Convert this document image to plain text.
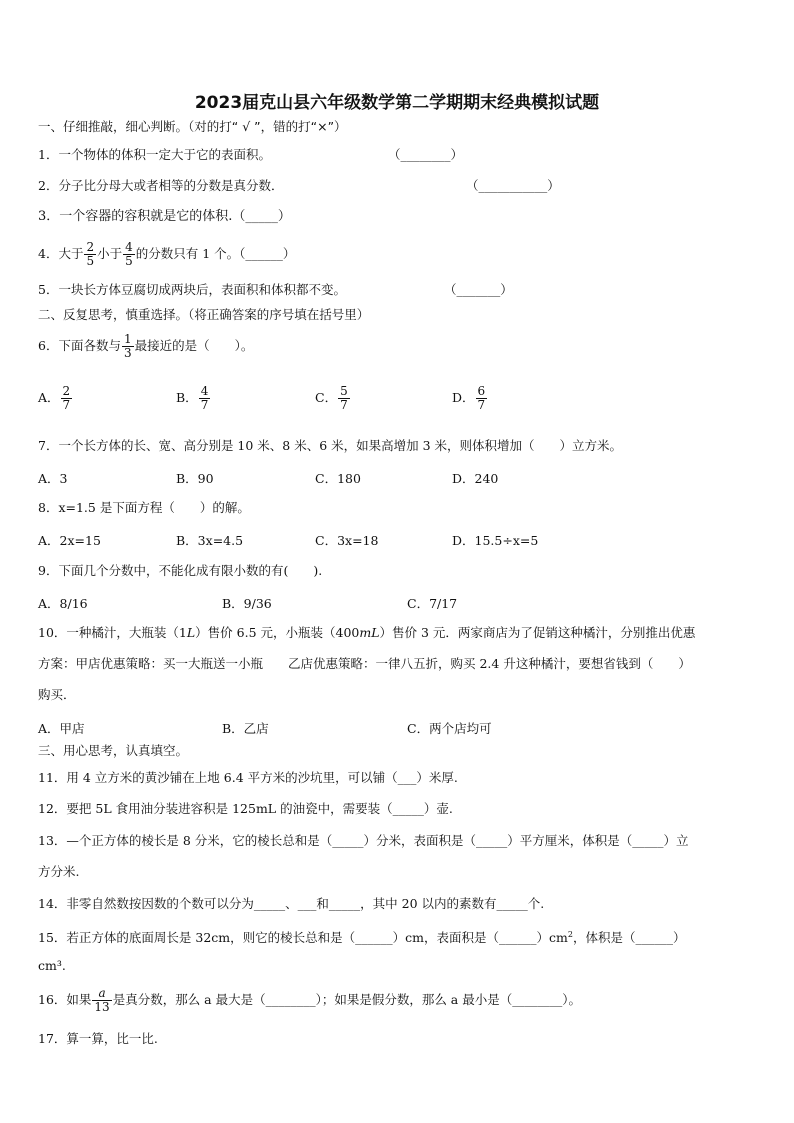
2023届克山县六年级数学第二学期期末经典模拟试题
一、仔细推敲，细心判断。（对的打“ √ ”，错的打“×”）
1．一个物体的体积一定大于它的表面积。	（________）
2．分子比分母大或者相等的分数是真分数．	（___________）
3．一个容器的容积就是它的体积.（_____）
4．大于 $\frac{2}{5}$ 小于 $\frac{4}{5}$ 的分数只有 1 个。（______）
5．一块长方体豆腐切成两块后，表面积和体积都不变。	（_______）
二、反复思考，慎重选择。（将正确答案的序号填在括号里）
6．下面各数与 $\frac{1}{3}$ 最接近的是（　　）。
A． $\frac{2}{7}$	B． $\frac{4}{7}$	C． $\frac{5}{7}$	D． $\frac{6}{7}$
7．一个长方体的长、宽、高分别是 10 米、8 米、6 米，如果高增加 3 米，则体积增加（　　）立方米。
A．3	B．90	C．180	D．240
8．x=1.5 是下面方程（　　）的解。
A．2x=15	B．3x=4.5	C．3x=18	D．15.5÷x=5
9．下面几个分数中，不能化成有限小数的有(　　).
A．8/16	B．9/36	C．7/17
10．一种橘汁，大瓶装（1L）售价 6.5 元，小瓶装（400mL）售价 3 元．两家商店为了促销这种橘汁，分别推出优惠
方案：甲店优惠策略：买一大瓶送一小瓶　　乙店优惠策略：一律八五折，购买 2.4 升这种橘汁，要想省钱到（　　）
购买．
A．甲店	B．乙店	C．两个店均可
三、用心思考，认真填空。
11．用 4 立方米的黄沙铺在上地 6.4 平方米的沙坑里，可以铺（___）米厚.
12．要把 5L 食用油分装进容积是 125mL 的油瓷中，需要装（_____）壶.
13．—个正方体的棱长是 8 分米，它的棱长总和是（_____）分米，表面积是（_____）平方厘米，体积是（_____）立
方分米.
14．非零自然数按因数的个数可以分为_____、___和_____，其中 20 以内的素数有_____个.
15．若正方体的底面周长是 32cm，则它的棱长总和是（______）cm，表面积是$(\_\_\_\_\_\_)cm^2$，体积是（______）
cm³.
16．如果 $\frac{a}{13}$ 是真分数，那么 a 最大是（________）；如果是假分数，那么 a 最小是（________）。
17．算一算，比一比.
